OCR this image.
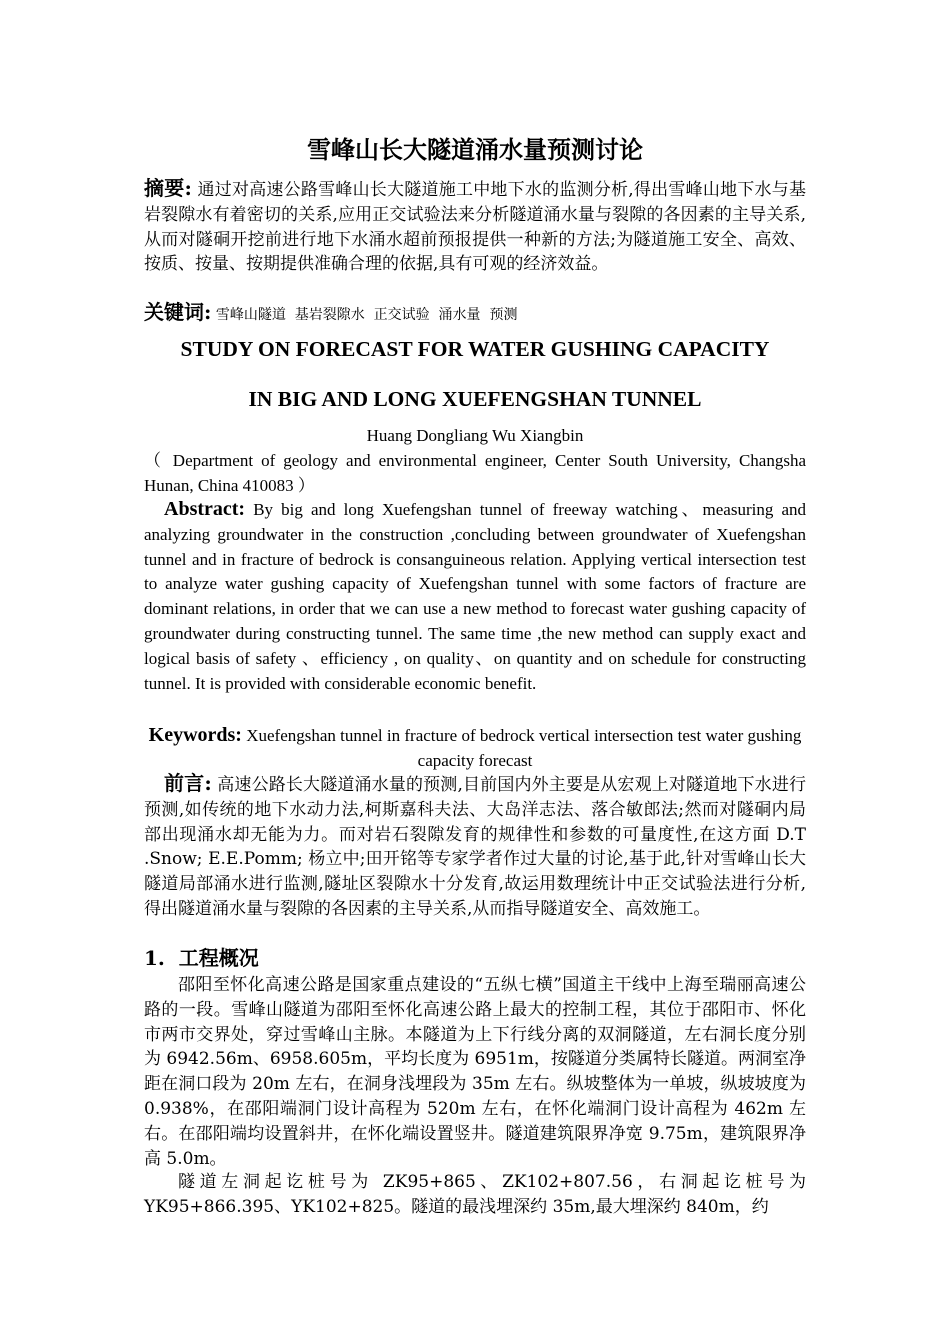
雪峰山长大隧道涌水量预测讨论

摘要: 通过对高速公路雪峰山长大隧道施工中地下水的监测分析,得出雪峰山地下水与基岩裂隙水有着密切的关系,应用正交试验法来分析隧道涌水量与裂隙的各因素的主导关系,从而对隧硐开挖前进行地下水涌水超前预报提供一种新的方法;为隧道施工安全、高效、按质、按量、按期提供准确合理的依据,具有可观的经济效益。

关键词: 雪峰山隧道  基岩裂隙水  正交试验  涌水量  预测
STUDY ON FORECAST FOR WATER GUSHING CAPACITY
IN BIG AND LONG XUEFENGSHAN TUNNEL

Huang Dongliang Wu Xiangbin

（ Department of geology and environmental engineer, Center South University, Changsha Hunan, China 410083 ）

Abstract: By big and long Xuefengshan tunnel of freeway watching、measuring and analyzing groundwater in the construction ,concluding between groundwater of Xuefengshan tunnel and in fracture of bedrock is consanguineous relation. Applying vertical intersection test to analyze water gushing capacity of Xuefengshan tunnel with some factors of fracture are dominant relations, in order that we can use a new method to forecast water gushing capacity of groundwater during constructing tunnel. The same time ,the new method can supply exact and logical basis of safety 、efficiency , on quality、on quantity and on schedule for constructing tunnel. It is provided with considerable economic benefit.

Keywords: Xuefengshan tunnel in fracture of bedrock vertical intersection test water gushing capacity forecast

前言: 高速公路长大隧道涌水量的预测,目前国内外主要是从宏观上对隧道地下水进行预测,如传统的地下水动力法,柯斯嘉科夫法、大岛洋志法、落合敏郎法;然而对隧硐内局部出现涌水却无能为力。而对岩石裂隙发育的规律性和参数的可量度性,在这方面 D.T .Snow; E.E.Pomm; 杨立中;田开铭等专家学者作过大量的讨论,基于此,针对雪峰山长大隧道局部涌水进行监测,隧址区裂隙水十分发育,故运用数理统计中正交试验法进行分析,得出隧道涌水量与裂隙的各因素的主导关系,从而指导隧道安全、高效施工。

1.  工程概况

邵阳至怀化高速公路是国家重点建设的“五纵七横”国道主干线中上海至瑞丽高速公路的一段。雪峰山隧道为邵阳至怀化高速公路上最大的控制工程，其位于邵阳市、怀化市两市交界处，穿过雪峰山主脉。本隧道为上下行线分离的双洞隧道，左右洞长度分别为 6942.56m、6958.605m，平均长度为 6951m，按隧道分类属特长隧道。两洞室净距在洞口段为 20m 左右，在洞身浅埋段为 35m 左右。纵坡整体为一单坡，纵坡坡度为 0.938%，在邵阳端洞门设计高程为 520m 左右，在怀化端洞门设计高程为 462m 左右。在邵阳端均设置斜井，在怀化端设置竖井。隧道建筑限界净宽 9.75m，建筑限界净高 5.0m。

隧道左洞起讫桩号为 ZK95+865、ZK102+807.56，右洞起讫桩号为 YK95+866.395、YK102+825。隧道的最浅埋深约 35m,最大埋深约 840m，约
